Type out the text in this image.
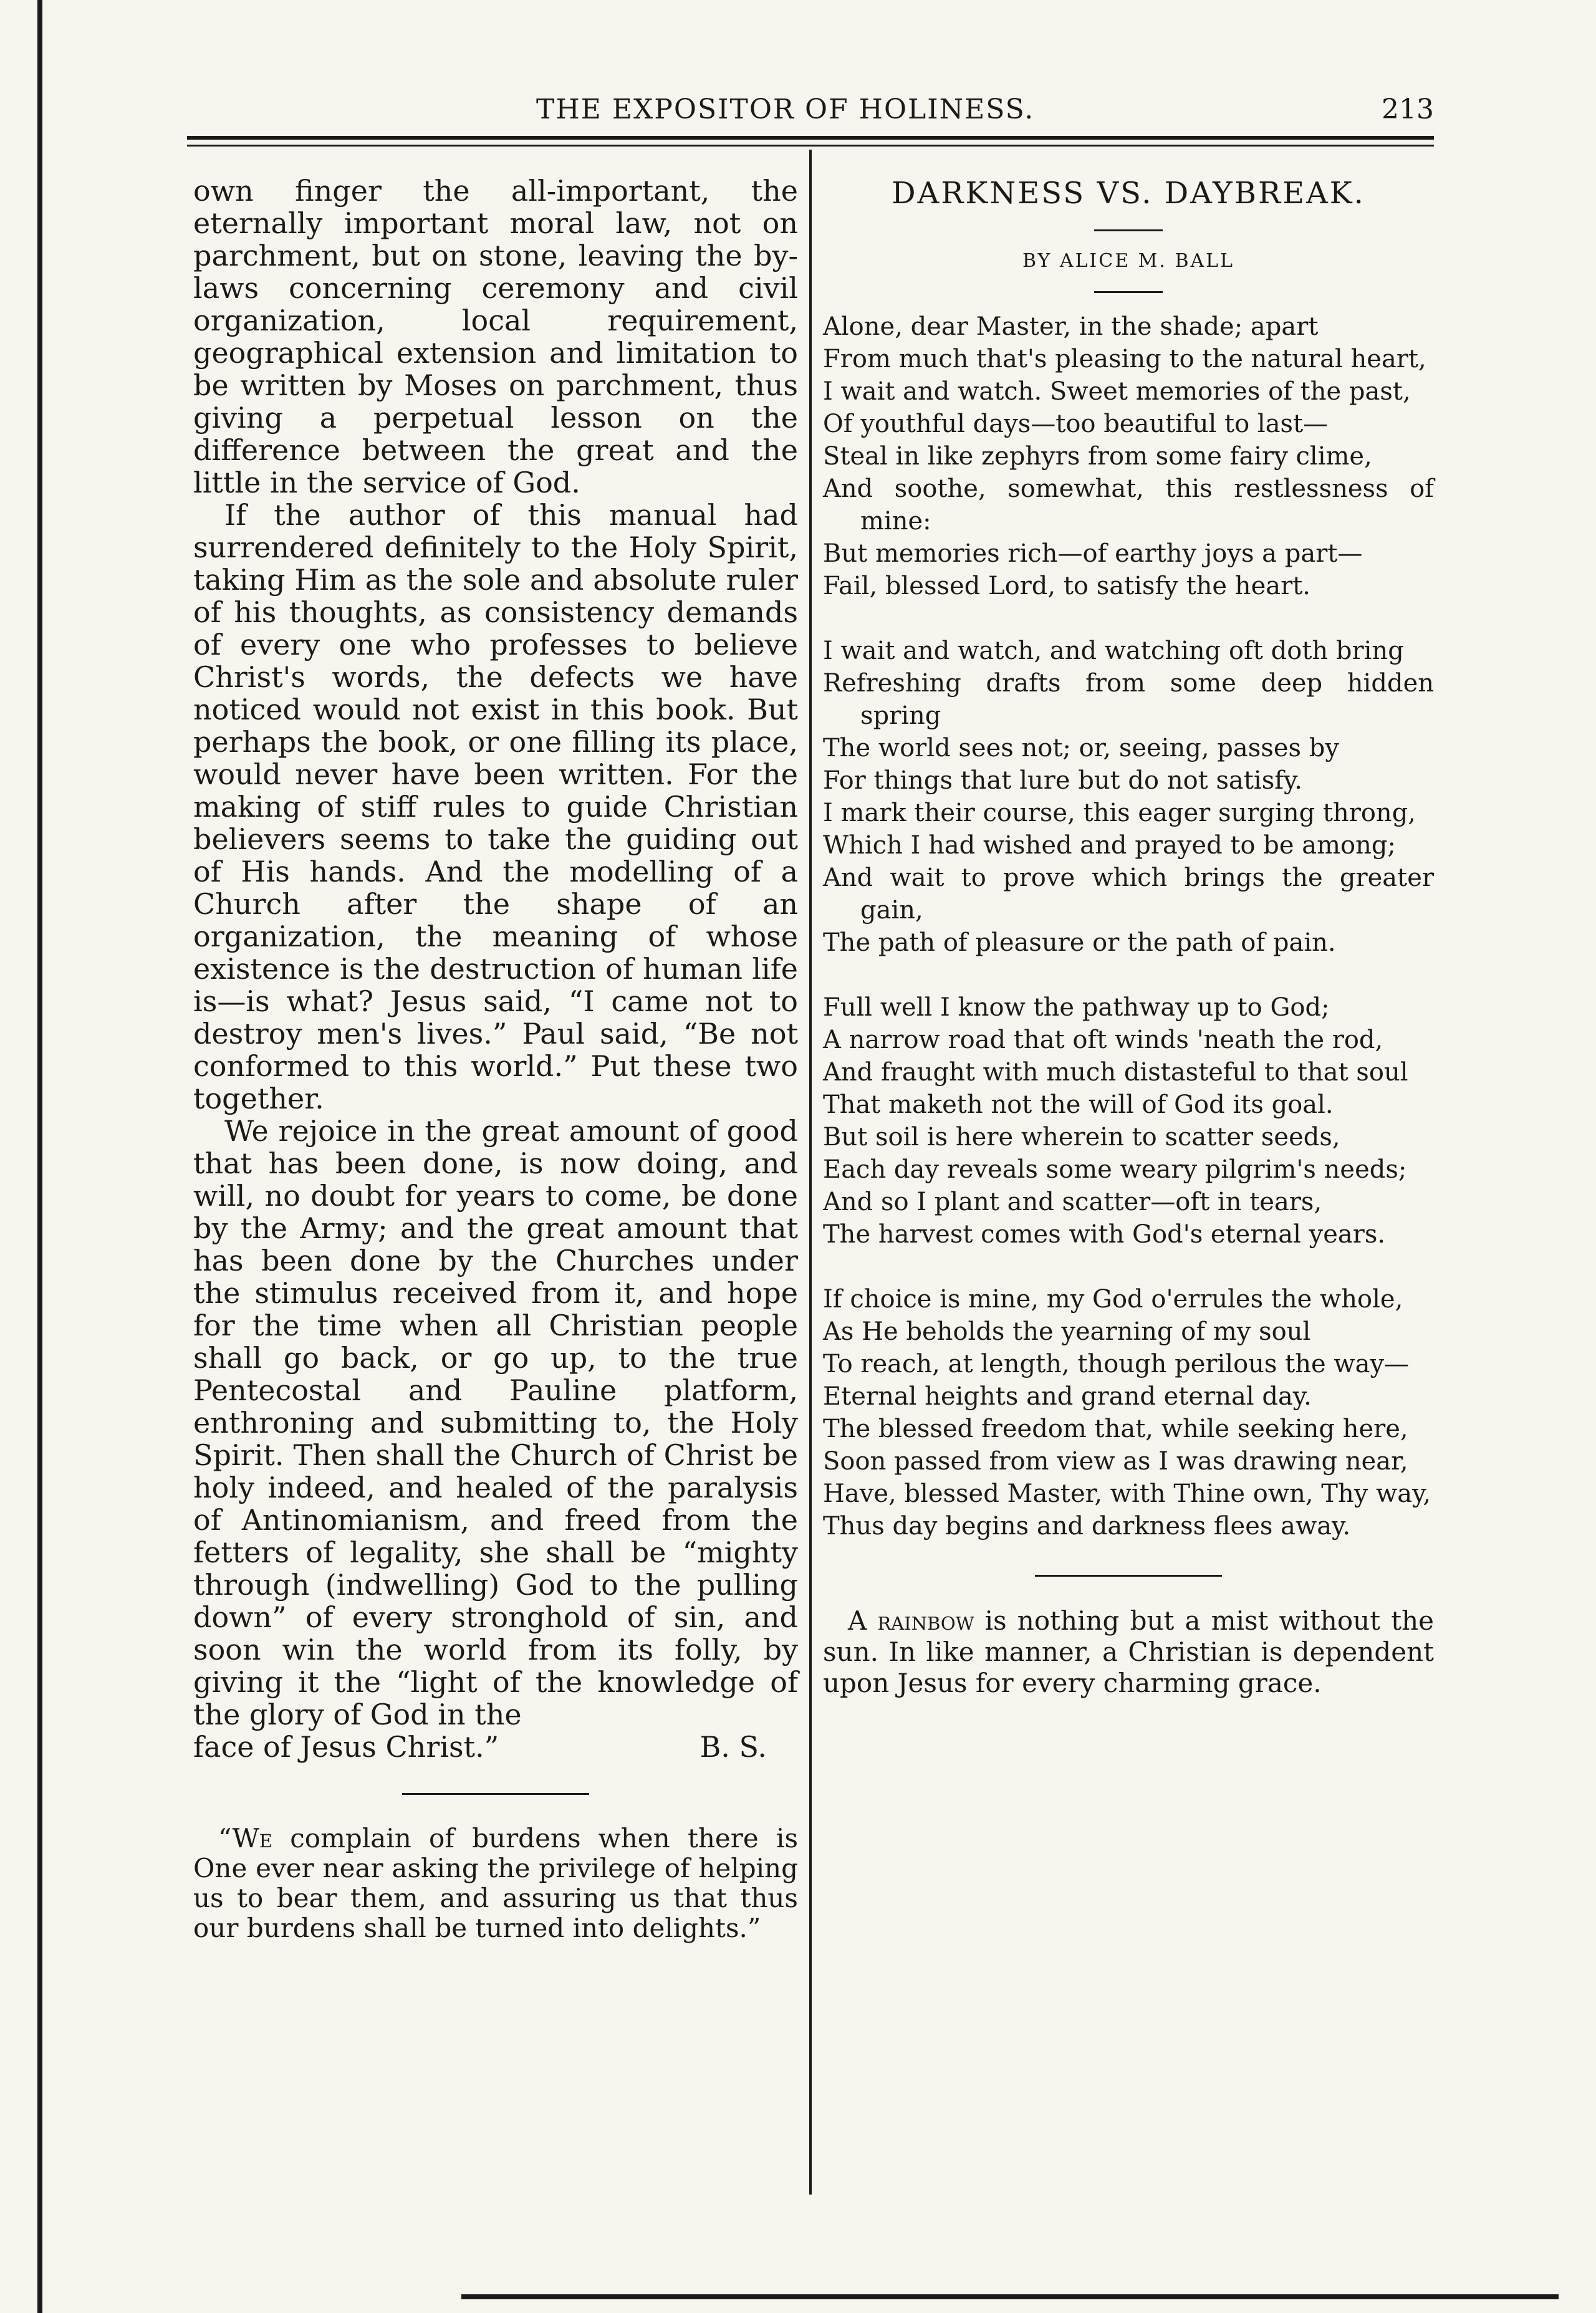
THE EXPOSITOR OF HOLINESS.	213

own finger the all-important, the eternally important moral law, not on parchment, but on stone, leaving the by-laws concerning ceremony and civil organization, local requirement, geographical extension and limitation to be written by Moses on parchment, thus giving a perpetual lesson on the difference between the great and the little in the service of God.

If the author of this manual had surrendered definitely to the Holy Spirit, taking Him as the sole and absolute ruler of his thoughts, as consistency demands of every one who professes to believe Christ's words, the defects we have noticed would not exist in this book. But perhaps the book, or one filling its place, would never have been written. For the making of stiff rules to guide Christian believers seems to take the guiding out of His hands. And the modelling of a Church after the shape of an organization, the meaning of whose existence is the destruction of human life is—is what? Jesus said, “I came not to destroy men's lives.” Paul said, “Be not conformed to this world.” Put these two together.

We rejoice in the great amount of good that has been done, is now doing, and will, no doubt for years to come, be done by the Army; and the great amount that has been done by the Churches under the stimulus received from it, and hope for the time when all Christian people shall go back, or go up, to the true Pentecostal and Pauline platform, enthroning and submitting to, the Holy Spirit. Then shall the Church of Christ be holy indeed, and healed of the paralysis of Antinomianism, and freed from the fetters of legality, she shall be “mighty through (indwelling) God to the pulling down” of every stronghold of sin, and soon win the world from its folly, by giving it the “light of the knowledge of the glory of God in the

face of Jesus Christ.”	B. S.

“We complain of burdens when there is One ever near asking the privilege of helping us to bear them, and assuring us that thus our burdens shall be turned into delights.”

DARKNESS VS. DAYBREAK.

BY ALICE M. BALL

Alone, dear Master, in the shade; apart

From much that's pleasing to the natural heart,

I wait and watch. Sweet memories of the past,

Of youthful days—too beautiful to last—

Steal in like zephyrs from some fairy clime,

And soothe, somewhat, this restlessness of mine:

But memories rich—of earthy joys a part—

Fail, blessed Lord, to satisfy the heart.

I wait and watch, and watching oft doth bring

Refreshing drafts from some deep hidden spring

The world sees not; or, seeing, passes by

For things that lure but do not satisfy.

I mark their course, this eager surging throng,

Which I had wished and prayed to be among;

And wait to prove which brings the greater gain,

The path of pleasure or the path of pain.

Full well I know the pathway up to God;

A narrow road that oft winds 'neath the rod,

And fraught with much distasteful to that soul

That maketh not the will of God its goal.

But soil is here wherein to scatter seeds,

Each day reveals some weary pilgrim's needs;

And so I plant and scatter—oft in tears,

The harvest comes with God's eternal years.

If choice is mine, my God o'errules the whole,

As He beholds the yearning of my soul

To reach, at length, though perilous the way—

Eternal heights and grand eternal day.

The blessed freedom that, while seeking here,

Soon passed from view as I was drawing near,

Have, blessed Master, with Thine own, Thy way,

Thus day begins and darkness flees away.

A rainbow is nothing but a mist without the sun. In like manner, a Christian is dependent upon Jesus for every charming grace.
